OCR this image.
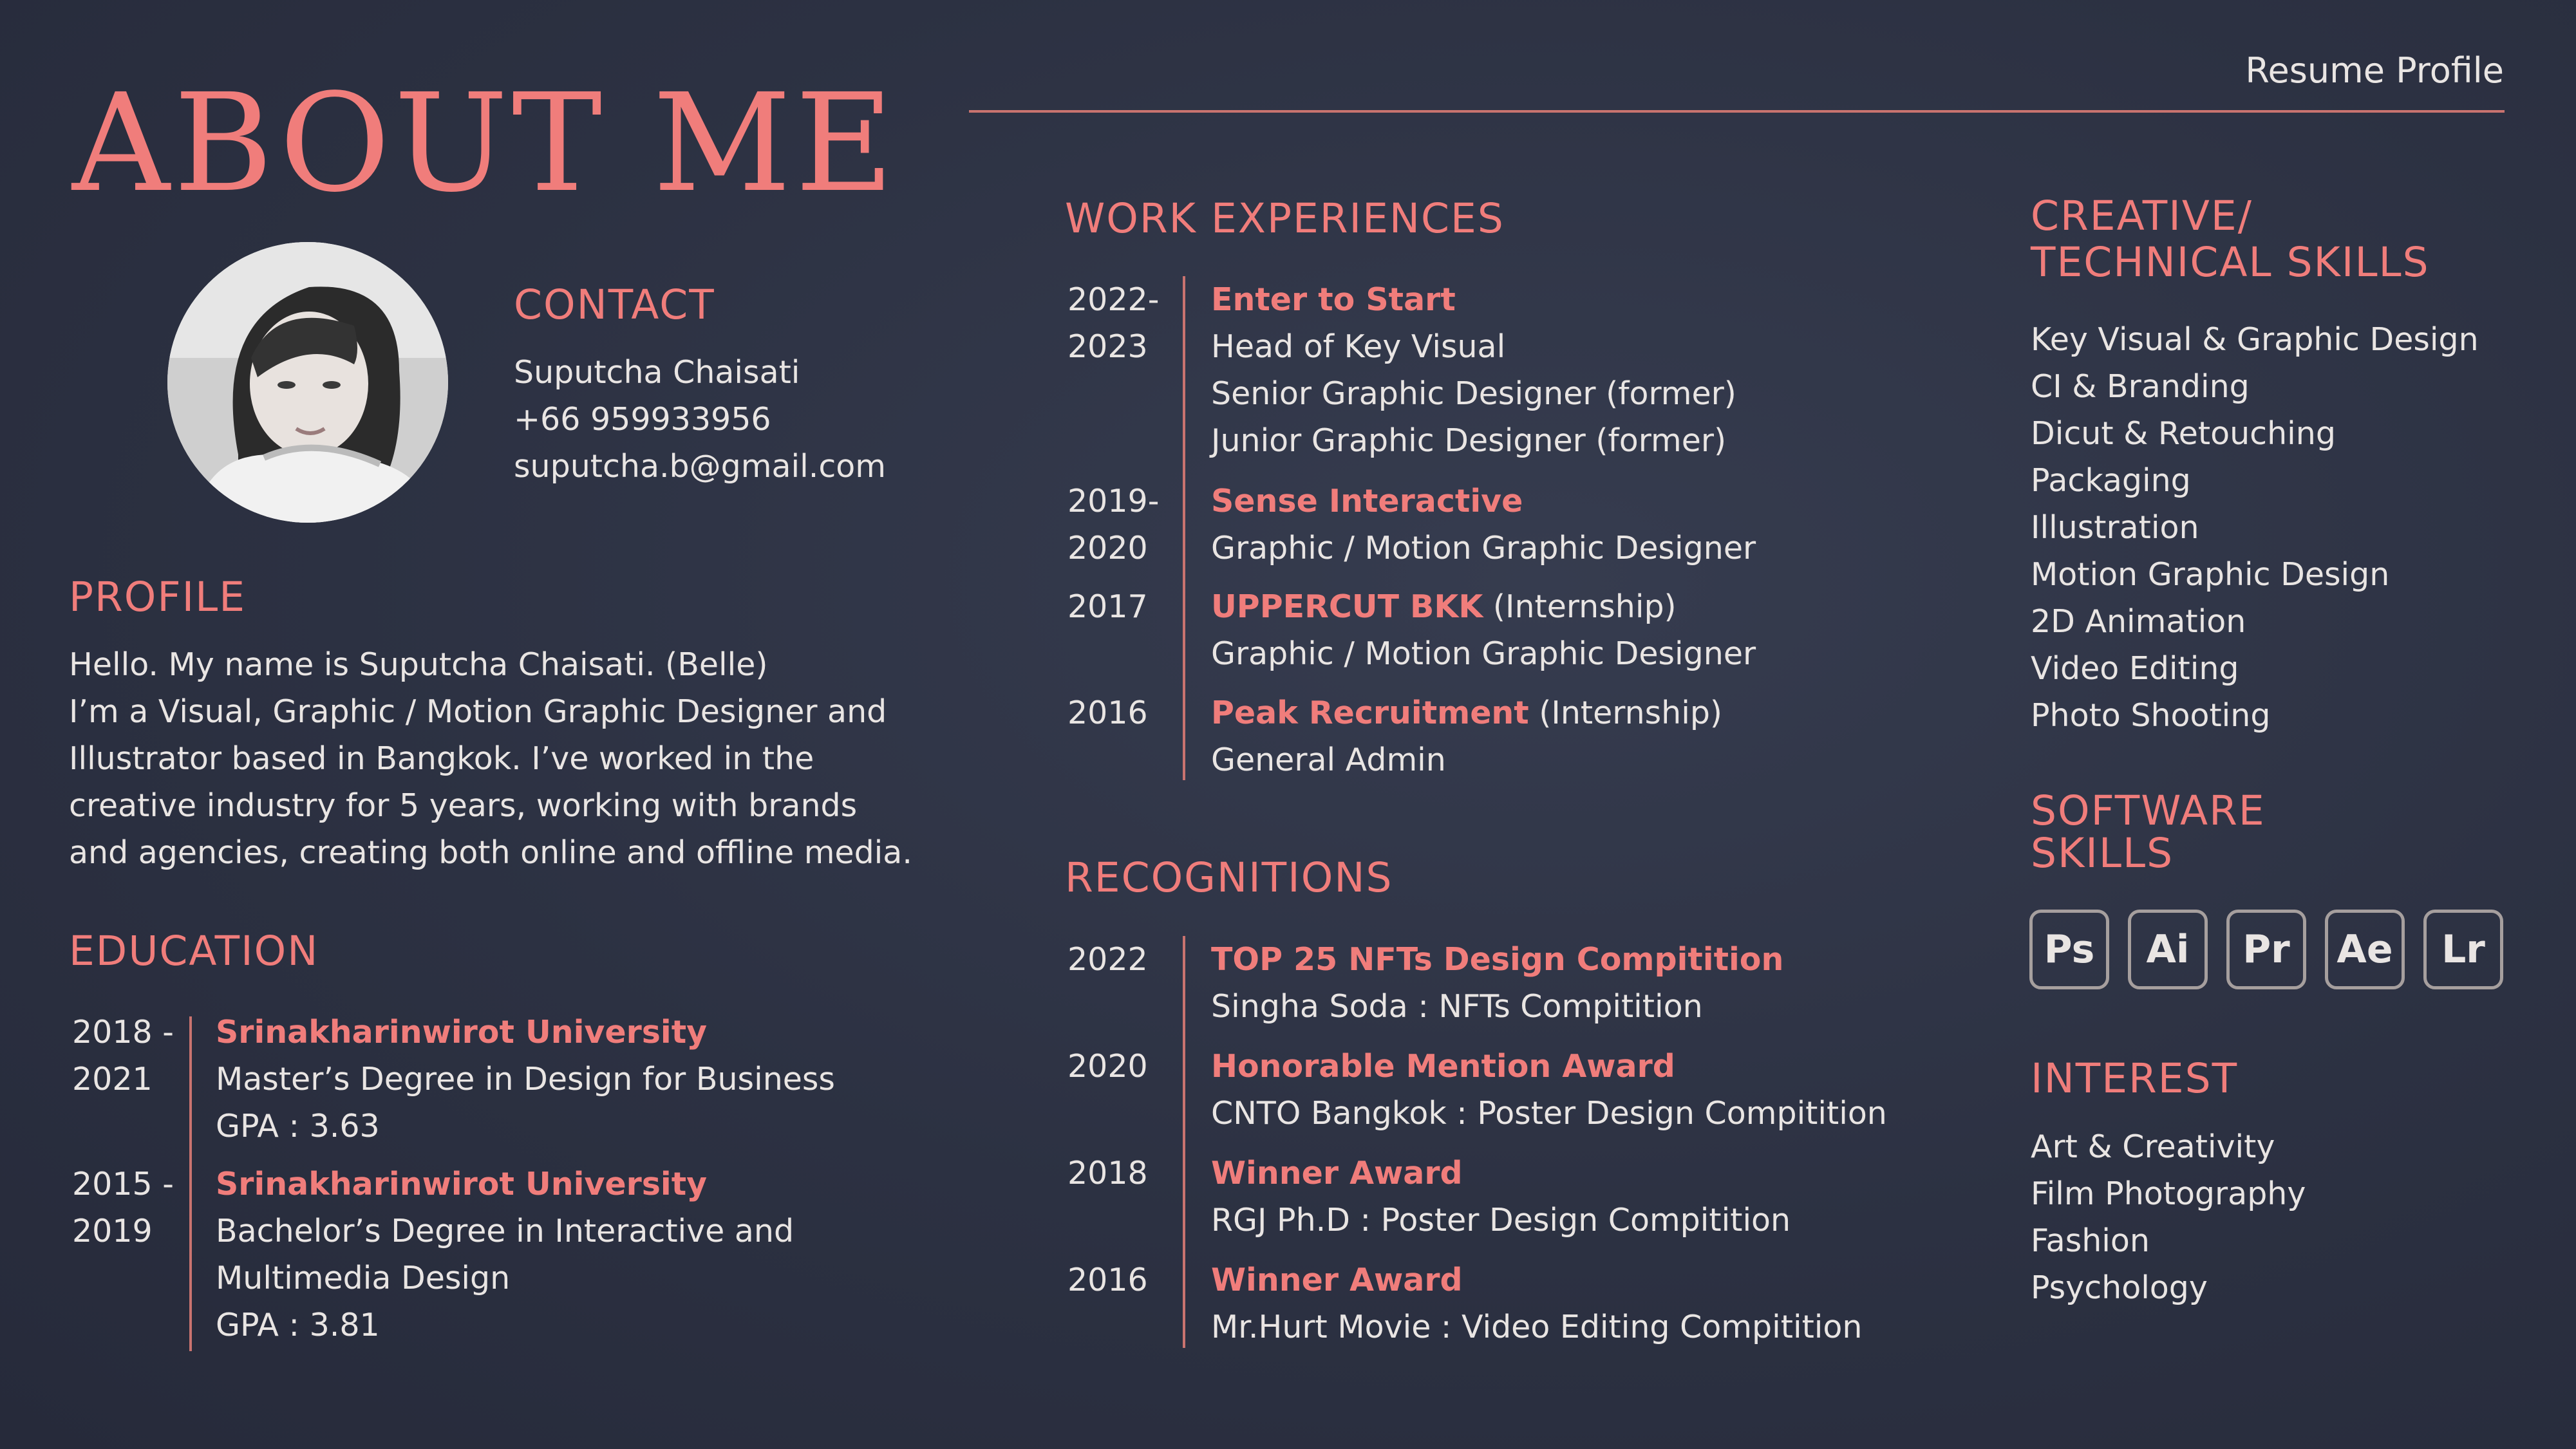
ABOUT ME	Resume Profile
CONTACT
Suputcha Chaisati
+66 959933956
suputcha.b@gmail.com
PROFILE
Hello. My name is Suputcha Chaisati. (Belle)
I’m a Visual, Graphic / Motion Graphic Designer and
Illustrator based in Bangkok. I’ve worked in the
creative industry for 5 years, working with brands
and agencies, creating both online and offline media.
EDUCATION
2018 -
2021
Srinakharinwirot University
Master’s Degree in Design for Business
GPA : 3.63
2015 -
2019
Srinakharinwirot University
Bachelor’s Degree in Interactive and
Multimedia Design
GPA : 3.81
WORK EXPERIENCES
2022-
2023
Enter to Start
Head of Key Visual
Senior Graphic Designer (former)
Junior Graphic Designer (former)
2019-
2020
Sense Interactive
Graphic / Motion Graphic Designer
2017 UPPERCUT BKK (Internship)
Graphic / Motion Graphic Designer
2016 Peak Recruitment (Internship)
General Admin
RECOGNITIONS
2022 TOP 25 NFTs Design Compitition
Singha Soda : NFTs Compitition
2020 Honorable Mention Award
CNTO Bangkok : Poster Design Compitition
2018 Winner Award
RGJ Ph.D : Poster Design Compitition
2016 Winner Award
Mr.Hurt Movie : Video Editing Compitition
CREATIVE/
TECHNICAL SKILLS
Key Visual & Graphic Design
CI & Branding
Dicut & Retouching
Packaging
Illustration
Motion Graphic Design
2D Animation
Video Editing
Photo Shooting
SOFTWARE
SKILLS
Ps	Ai	Pr	Ae	Lr
INTEREST
Art & Creativity
Film Photography
Fashion
Psychology
